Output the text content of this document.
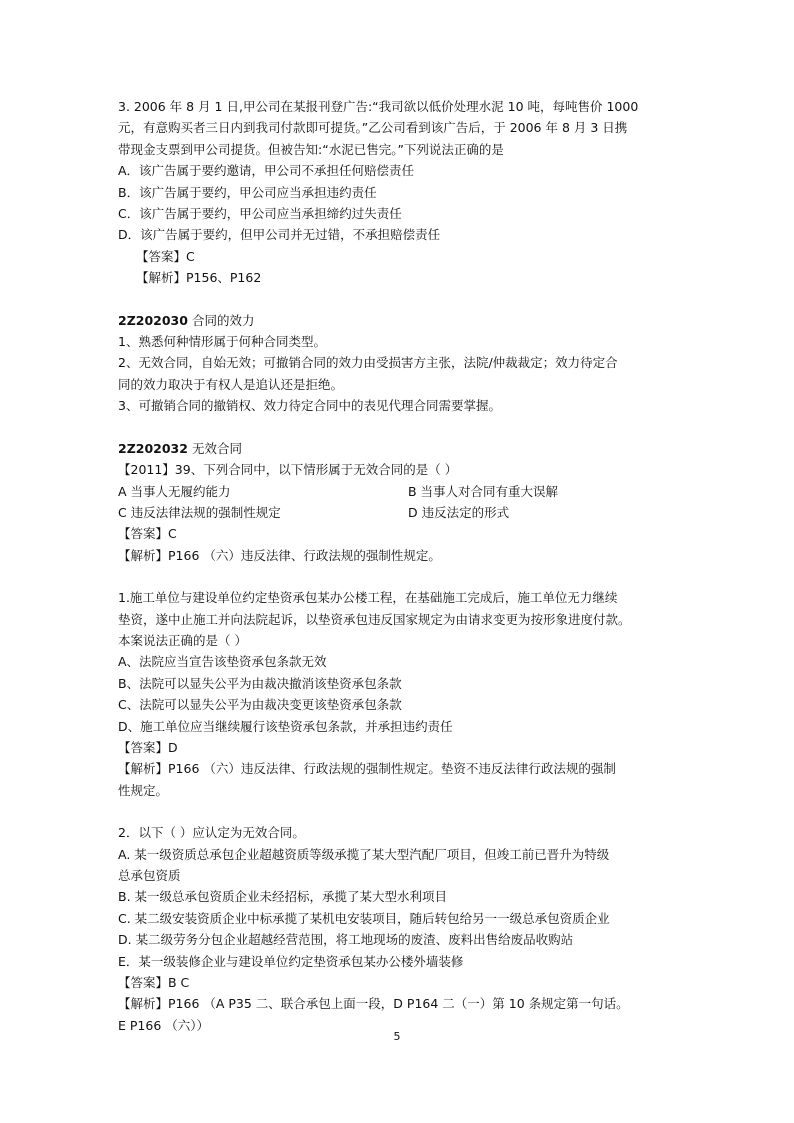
3. 2006 年 8 月 1 日,甲公司在某报刊登广告:“我司欲以低价处理水泥 10 吨，每吨售价 1000
元，有意购买者三日内到我司付款即可提货。”乙公司看到该广告后，于 2006 年 8 月 3 日携
带现金支票到甲公司提货。但被告知:“水泥已售完。”下列说法正确的是
A．该广告属于要约邀请，甲公司不承担任何赔偿责任
B．该广告属于要约，甲公司应当承担违约责任
C．该广告属于要约，甲公司应当承担缔约过失责任
D．该广告属于要约，但甲公司并无过错，不承担赔偿责任
【答案】C
【解析】P156、P162
2Z202030 合同的效力
1、熟悉何种情形属于何种合同类型。
2、无效合同，自始无效；可撤销合同的效力由受损害方主张，法院/仲裁裁定；效力待定合
同的效力取决于有权人是追认还是拒绝。
3、可撤销合同的撤销权、效力待定合同中的表见代理合同需要掌握。
2Z202032 无效合同
【2011】39、下列合同中，以下情形属于无效合同的是（ ）
A 当事人无履约能力	B 当事人对合同有重大误解
C 违反法律法规的强制性规定	D 违反法定的形式
【答案】C
【解析】P166 （六）违反法律、行政法规的强制性规定。
1.施工单位与建设单位约定垫资承包某办公楼工程，在基础施工完成后，施工单位无力继续
垫资，遂中止施工并向法院起诉，以垫资承包违反国家规定为由请求变更为按形象进度付款。
本案说法正确的是（ ）
A、法院应当宣告该垫资承包条款无效
B、法院可以显失公平为由裁决撤消该垫资承包条款
C、法院可以显失公平为由裁决变更该垫资承包条款
D、施工单位应当继续履行该垫资承包条款，并承担违约责任
【答案】D
【解析】P166 （六）违反法律、行政法规的强制性规定。垫资不违反法律行政法规的强制
性规定。
2．以下（ ）应认定为无效合同。
A. 某一级资质总承包企业超越资质等级承揽了某大型汽配厂项目，但竣工前已晋升为特级
总承包资质
B. 某一级总承包资质企业未经招标，承揽了某大型水利项目
C. 某二级安装资质企业中标承揽了某机电安装项目，随后转包给另一一级总承包资质企业
D. 某二级劳务分包企业超越经营范围，将工地现场的废渣、废料出售给废品收购站
E．某一级装修企业与建设单位约定垫资承包某办公楼外墙装修
【答案】B C
【解析】P166 （A P35 二、联合承包上面一段，D P164 二（一）第 10 条规定第一句话。
E P166 （六））
5
